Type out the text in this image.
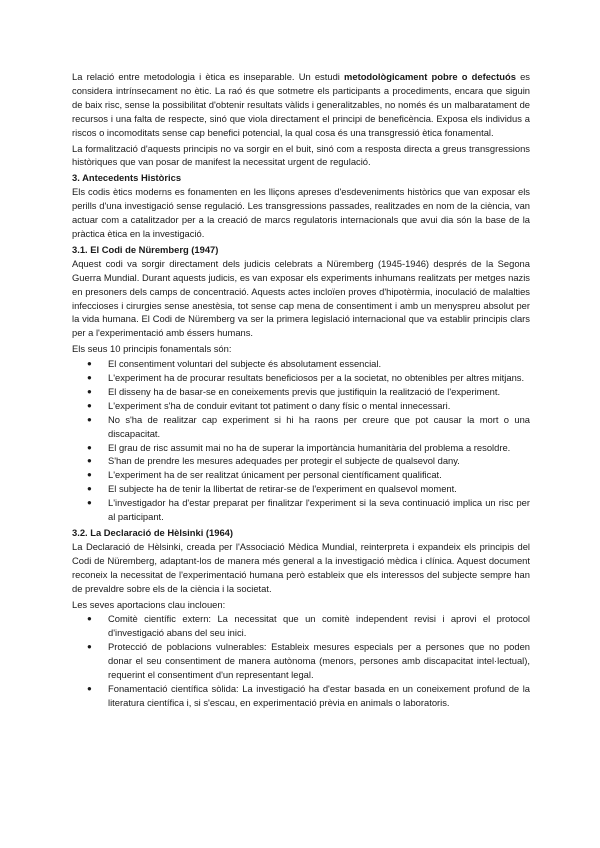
La relació entre metodologia i ètica es inseparable. Un estudi metodològicament pobre o defectuós es considera intrínsecament no ètic. La raó és que sotmetre els participants a procediments, encara que siguin de baix risc, sense la possibilitat d'obtenir resultats vàlids i generalitzables, no només és un malbaratament de recursos i una falta de respecte, sinó que viola directament el principi de beneficència. Exposa els individus a riscos o incomoditats sense cap benefici potencial, la qual cosa és una transgressió ètica fonamental.

La formalització d'aquests principis no va sorgir en el buit, sinó com a resposta directa a greus transgressions històriques que van posar de manifest la necessitat urgent de regulació.

3. Antecedents Històrics

Els codis ètics moderns es fonamenten en les lliçons apreses d'esdeveniments històrics que van exposar els perills d'una investigació sense regulació. Les transgressions passades, realitzades en nom de la ciència, van actuar com a catalitzador per a la creació de marcs regulatoris internacionals que avui dia són la base de la pràctica ètica en la investigació.

3.1. El Codi de Nüremberg (1947)

Aquest codi va sorgir directament dels judicis celebrats a Nüremberg (1945-1946) després de la Segona Guerra Mundial. Durant aquests judicis, es van exposar els experiments inhumans realitzats per metges nazis en presoners dels camps de concentració. Aquests actes incloïen proves d'hipotèrmia, inoculació de malalties infeccioses i cirurgies sense anestèsia, tot sense cap mena de consentiment i amb un menyspreu absolut per la vida humana. El Codi de Nüremberg va ser la primera legislació internacional que va establir principis clars per a l'experimentació amb éssers humans.

Els seus 10 principis fonamentals són:

● El consentiment voluntari del subjecte és absolutament essencial.
● L'experiment ha de procurar resultats beneficiosos per a la societat, no obtenibles per altres mitjans.
● El disseny ha de basar-se en coneixements previs que justifiquin la realització de l'experiment.
● L'experiment s'ha de conduir evitant tot patiment o dany físic o mental innecessari.
● No s'ha de realitzar cap experiment si hi ha raons per creure que pot causar la mort o una discapacitat.
● El grau de risc assumit mai no ha de superar la importància humanitària del problema a resoldre.
● S'han de prendre les mesures adequades per protegir el subjecte de qualsevol dany.
● L'experiment ha de ser realitzat únicament per personal científicament qualificat.
● El subjecte ha de tenir la llibertat de retirar-se de l'experiment en qualsevol moment.
● L'investigador ha d'estar preparat per finalitzar l'experiment si la seva continuació implica un risc per al participant.
3.2. La Declaració de Hèlsinki (1964)

La Declaració de Hèlsinki, creada per l'Associació Mèdica Mundial, reinterpreta i expandeix els principis del Codi de Nüremberg, adaptant-los de manera més general a la investigació mèdica i clínica. Aquest document reconeix la necessitat de l'experimentació humana però estableix que els interessos del subjecte sempre han de prevaldre sobre els de la ciència i la societat.

Les seves aportacions clau inclouen:

● Comitè científic extern: La necessitat que un comitè independent revisi i aprovi el protocol d'investigació abans del seu inici.
● Protecció de poblacions vulnerables: Estableix mesures especials per a persones que no poden donar el seu consentiment de manera autònoma (menors, persones amb discapacitat intel·lectual), requerint el consentiment d'un representant legal.
● Fonamentació científica sòlida: La investigació ha d'estar basada en un coneixement profund de la literatura científica i, si s'escau, en experimentació prèvia en animals o laboratoris.
